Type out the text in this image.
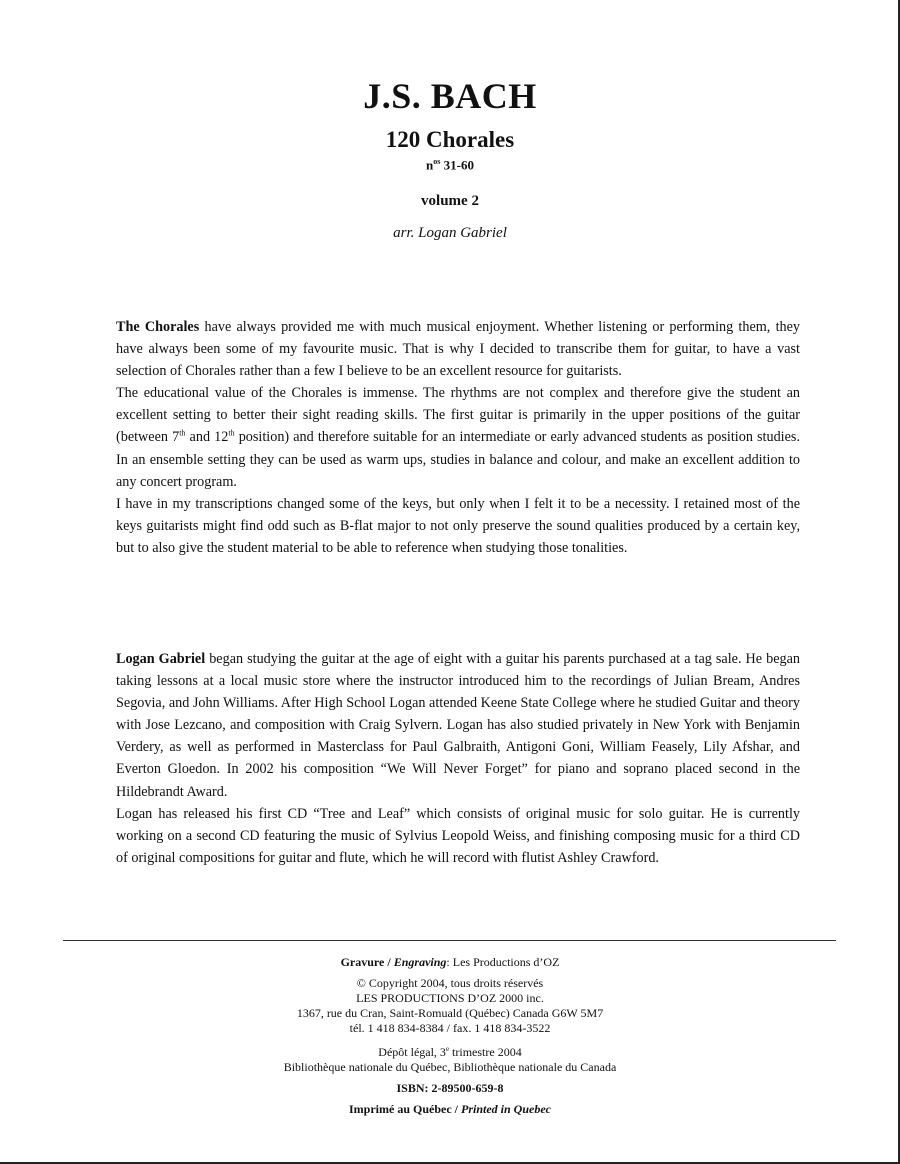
J.S. BACH
120 Chorales
$n^{os}$ 31-60
volume 2
arr. Logan Gabriel

The Chorales have always provided me with much musical enjoyment. Whether listening or performing them, they have always been some of my favourite music. That is why I decided to transcribe them for guitar, to have a vast selection of Chorales rather than a few I believe to be an excellent resource for guitarists.

The educational value of the Chorales is immense. The rhythms are not complex and therefore give the student an excellent setting to better their sight reading skills. The first guitar is primarily in the upper positions of the guitar (between 7th and 12th position) and therefore suitable for an intermediate or early advanced students as position studies. In an ensemble setting they can be used as warm ups, studies in balance and colour, and make an excellent addition to any concert program.

I have in my transcriptions changed some of the keys, but only when I felt it to be a necessity. I retained most of the keys guitarists might find odd such as B-flat major to not only preserve the sound qualities produced by a certain key, but to also give the student material to be able to reference when studying those tonalities.

Logan Gabriel began studying the guitar at the age of eight with a guitar his parents purchased at a tag sale. He began taking lessons at a local music store where the instructor introduced him to the recordings of Julian Bream, Andres Segovia, and John Williams. After High School Logan attended Keene State College where he studied Guitar and theory with Jose Lezcano, and composition with Craig Sylvern. Logan has also studied privately in New York with Benjamin Verdery, as well as performed in Masterclass for Paul Galbraith, Antigoni Goni, William Feasely, Lily Afshar, and Everton Gloedon. In 2002 his composition “We Will Never Forget” for piano and soprano placed second in the Hildebrandt Award.

Logan has released his first CD “Tree and Leaf” which consists of original music for solo guitar. He is currently working on a second CD featuring the music of Sylvius Leopold Weiss, and finishing composing music for a third CD of original compositions for guitar and flute, which he will record with flutist Ashley Crawford.

Gravure / Engraving: Les Productions d’OZ
© Copyright 2004, tous droits réservés
LES PRODUCTIONS D’OZ 2000 inc.
1367, rue du Cran, Saint-Romuald (Québec) Canada G6W 5M7
tél. 1 418 834-8384 / fax. 1 418 834-3522
Dépôt légal, 3e trimestre 2004
Bibliothèque nationale du Québec, Bibliothèque nationale du Canada
ISBN: 2-89500-659-8
Imprimé au Québec / Printed in Quebec
